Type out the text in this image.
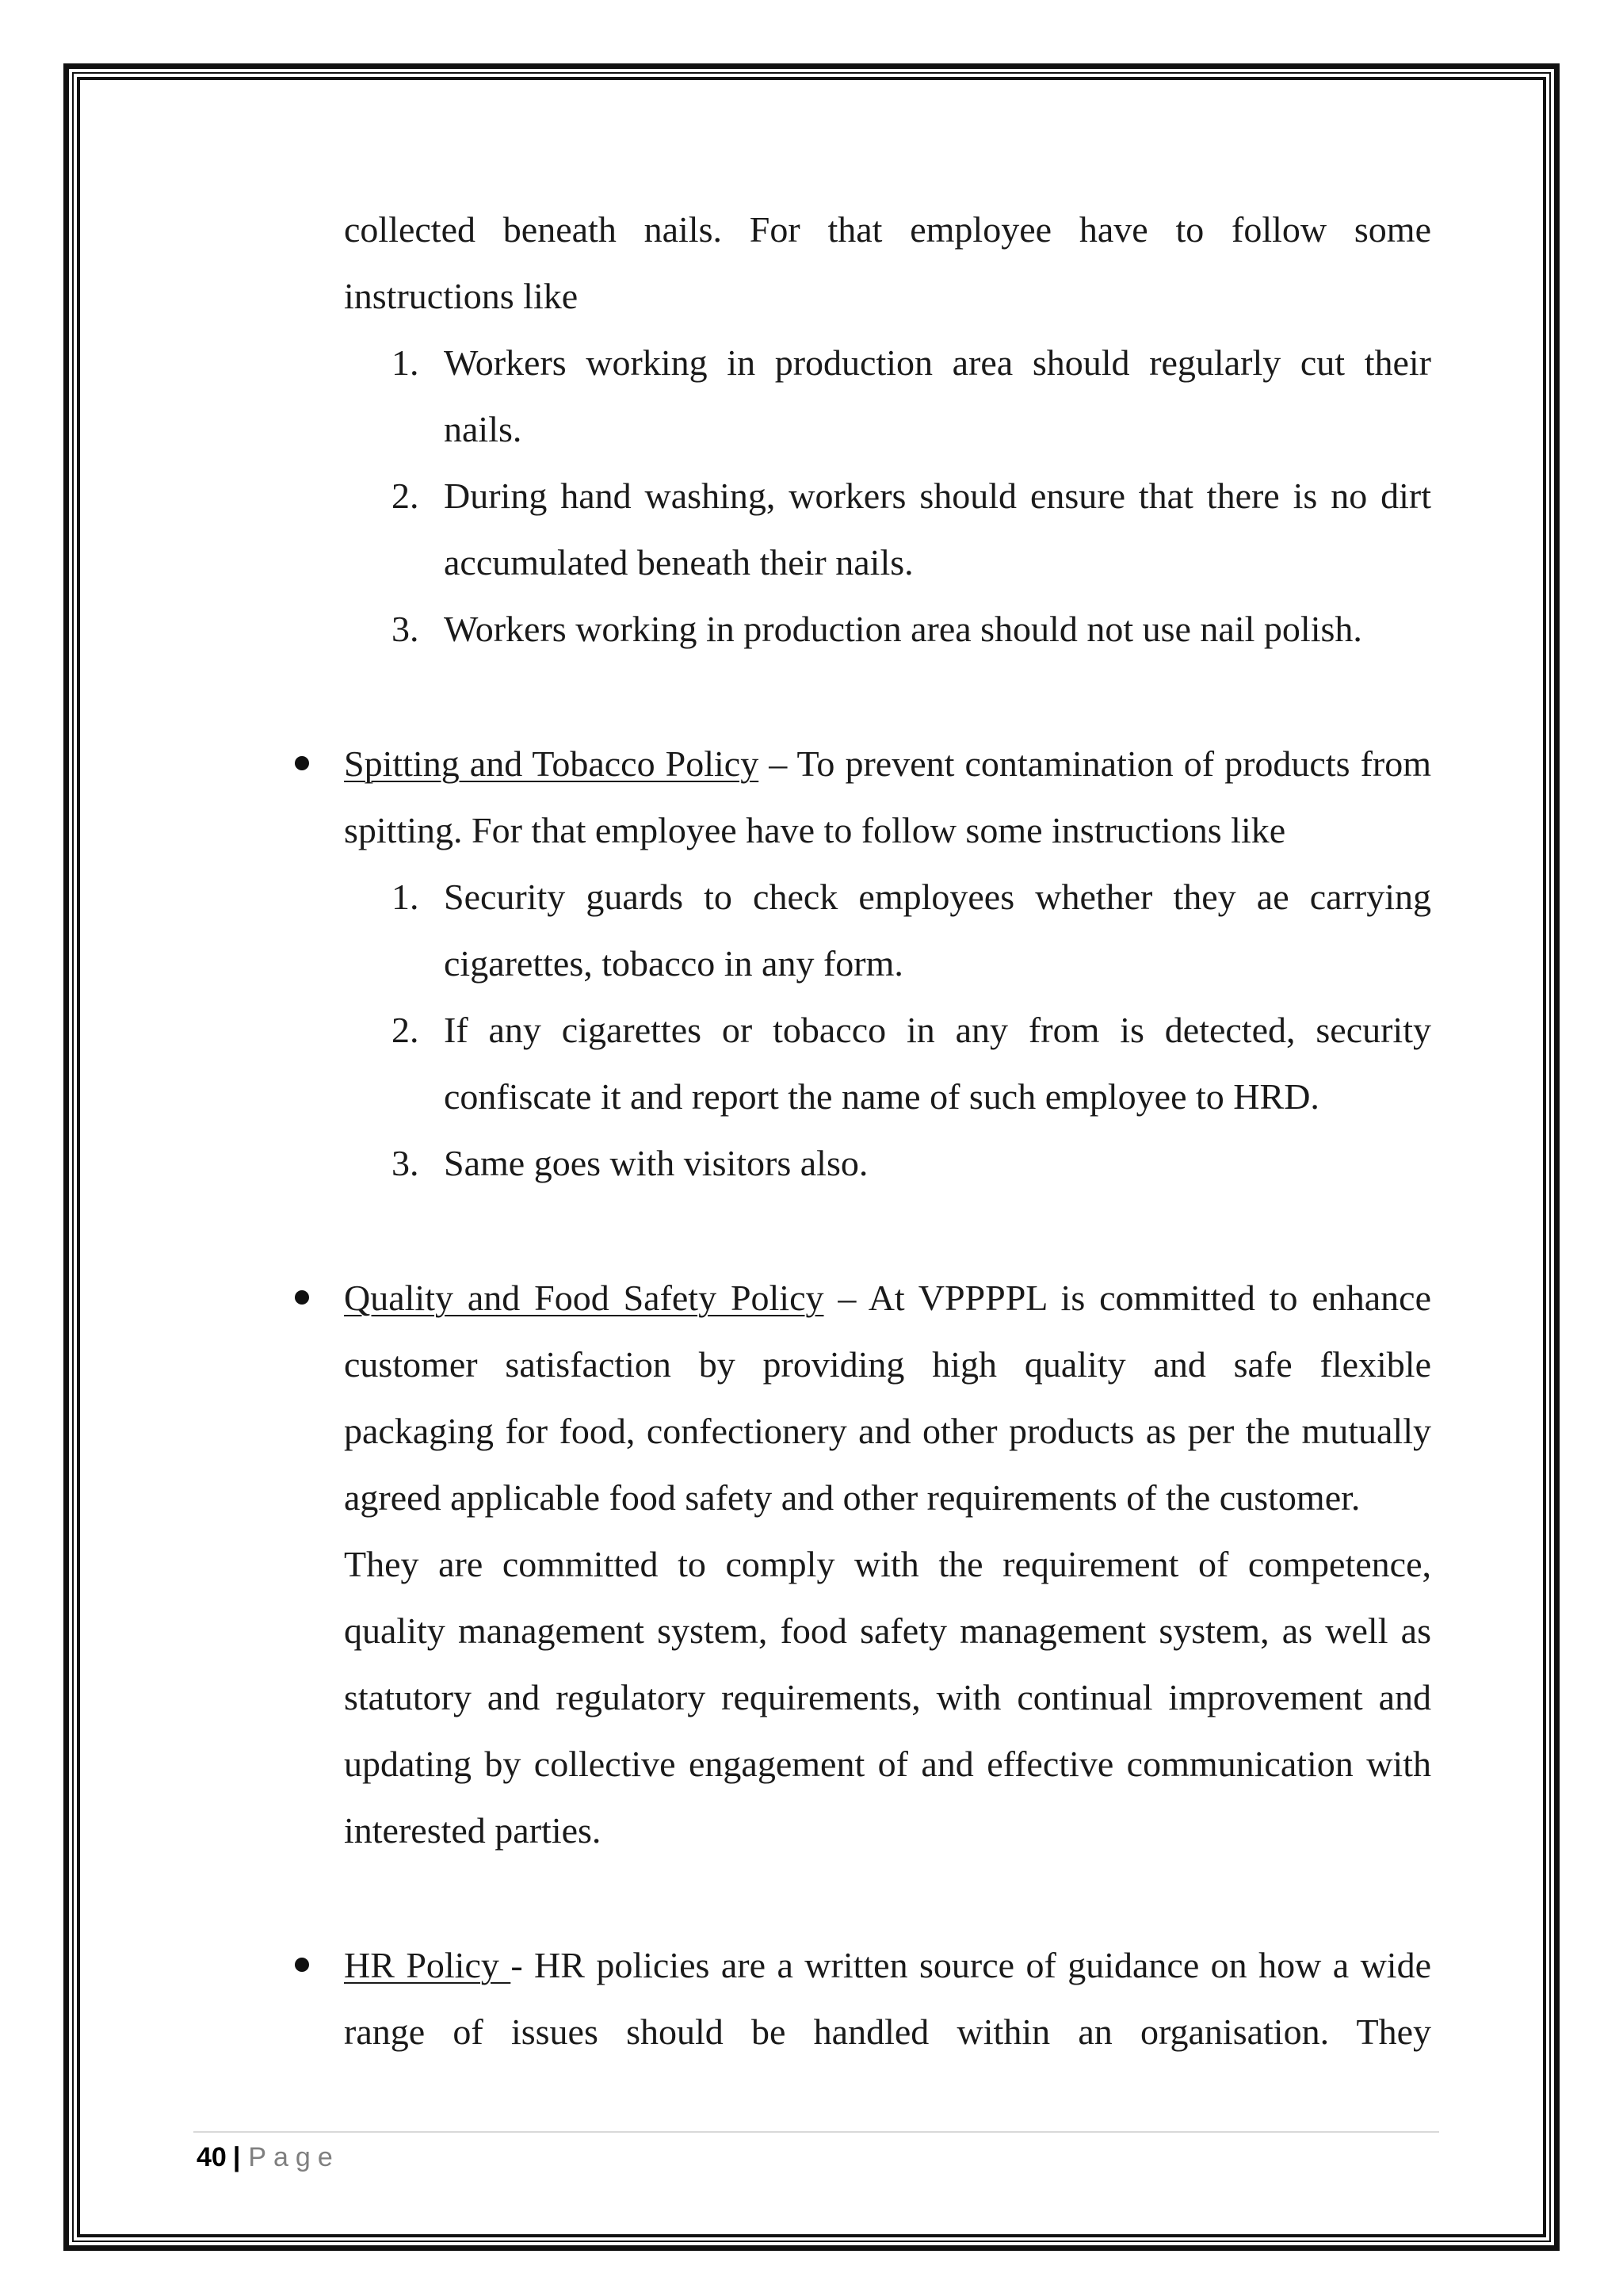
collected beneath nails. For that employee have to follow some instructions like

1. Workers working in production area should regularly cut their nails.
2. During hand washing, workers should ensure that there is no dirt accumulated beneath their nails.
3. Workers working in production area should not use nail polish.

Spitting and Tobacco Policy – To prevent contamination of products from spitting. For that employee have to follow some instructions like

1. Security guards to check employees whether they ae carrying cigarettes, tobacco in any form.
2. If any cigarettes or tobacco in any from is detected, security confiscate it and report the name of such employee to HRD.
3. Same goes with visitors also.

Quality and Food Safety Policy – At VPPPPL is committed to enhance customer satisfaction by providing high quality and safe flexible packaging for food, confectionery and other products as per the mutually agreed applicable food safety and other requirements of the customer.

They are committed to comply with the requirement of competence, quality management system, food safety management system, as well as statutory and regulatory requirements, with continual improvement and updating by collective engagement of and effective communication with interested parties.

HR Policy - HR policies are a written source of guidance on how a wide range of issues should be handled within an organisation. They

40 | Page
